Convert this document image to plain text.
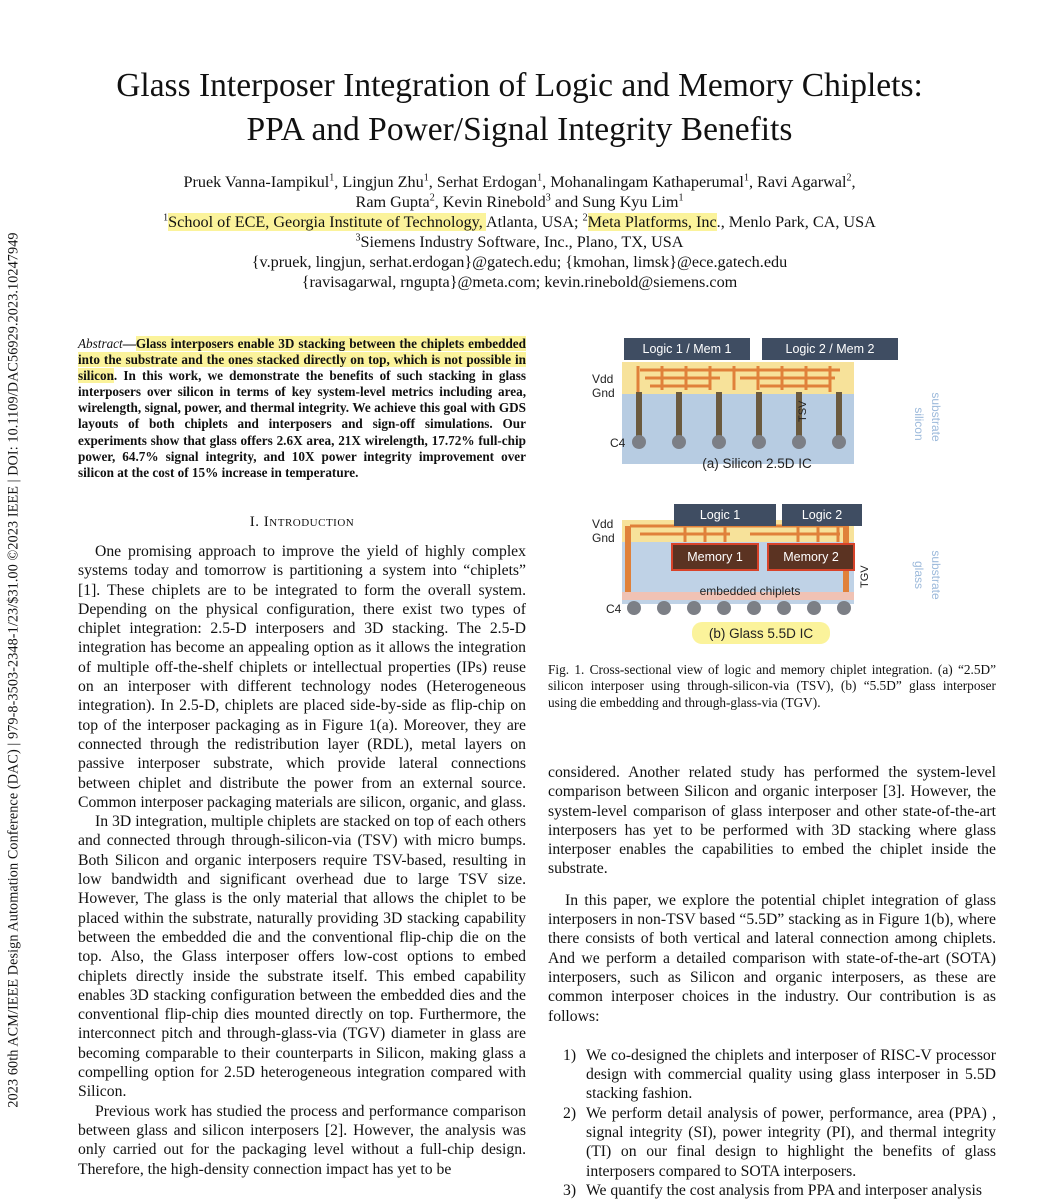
2023 60th ACM/IEEE Design Automation Conference (DAC) | 979-8-3503-2348-1/23/$31.00 ©2023 IEEE | DOI: 10.1109/DAC56929.2023.10247949
Glass Interposer Integration of Logic and Memory Chiplets:
PPA and Power/Signal Integrity Benefits
Pruek Vanna-Iampikul$^1$, Lingjun Zhu$^1$, Serhat Erdogan$^1$, Mohanalingam Kathaperumal$^1$, Ravi Agarwal$^2$,
Ram Gupta$^2$, Kevin Rinebold$^3$ and Sung Kyu Lim$^1$
$^1$School of ECE, Georgia Institute of Technology, Atlanta, USA; $^2$Meta Platforms, Inc., Menlo Park, CA, USA
$^3$Siemens Industry Software, Inc., Plano, TX, USA
{v.pruek, lingjun, serhat.erdogan}@gatech.edu; {kmohan, limsk}@ece.gatech.edu
{ravisagarwal, rngupta}@meta.com; kevin.rinebold@siemens.com
Abstract—Glass interposers enable 3D stacking between the chiplets embedded into the substrate and the ones stacked directly on top, which is not possible in silicon. In this work, we demonstrate the benefits of such stacking in glass interposers over silicon in terms of key system-level metrics including area, wirelength, signal, power, and thermal integrity. We achieve this goal with GDS layouts of both chiplets and interposers and sign-off simulations. Our experiments show that glass offers 2.6X area, 21X wirelength, 17.72% full-chip power, 64.7% signal integrity, and 10X power integrity improvement over silicon at the cost of 15% increase in temperature.
I. Introduction

One promising approach to improve the yield of highly complex systems today and tomorrow is partitioning a system into “chiplets” [1]. These chiplets are to be integrated to form the overall system. Depending on the physical configuration, there exist two types of chiplet integration: 2.5-D interposers and 3D stacking. The 2.5-D integration has become an appealing option as it allows the integration of multiple off-the-shelf chiplets or intellectual properties (IPs) reuse on an interposer with different technology nodes (Heterogeneous integration). In 2.5-D, chiplets are placed side-by-side as flip-chip on top of the interposer packaging as in Figure 1(a). Moreover, they are connected through the redistribution layer (RDL), metal layers on passive interposer substrate, which provide lateral connections between chiplet and distribute the power from an external source. Common interposer packaging materials are silicon, organic, and glass.

In 3D integration, multiple chiplets are stacked on top of each others and connected through through-silicon-via (TSV) with micro bumps. Both Silicon and organic interposers require TSV-based, resulting in low bandwidth and significant overhead due to large TSV size. However, The glass is the only material that allows the chiplet to be placed within the substrate, naturally providing 3D stacking capability between the embedded die and the conventional flip-chip die on the top. Also, the Glass interposer offers low-cost options to embed chiplets directly inside the substrate itself. This embed capability enables 3D stacking configuration between the embedded dies and the conventional flip-chip dies mounted directly on top. Furthermore, the interconnect pitch and through-glass-via (TGV) diameter in glass are becoming comparable to their counterparts in Silicon, making glass a compelling option for 2.5D heterogeneous integration compared with Silicon.

Previous work has studied the process and performance comparison between glass and silicon interposers [2]. However, the analysis was only carried out for the packaging level without a full-chip design. Therefore, the high-density connection impact has yet to be

Logic 1 / Mem 1	Logic 2 / Mem 2
Vdd
Gnd
C4
TSV
(a) Silicon 2.5D IC
silicon substrate
Logic 1	Logic 2
Memory 1	Memory 2
Vdd
Gnd
C4
TGV
embedded chiplets
(b) Glass 5.5D IC
glass substrate
Fig. 1. Cross-sectional view of logic and memory chiplet integration. (a) “2.5D” silicon interposer using through-silicon-via (TSV), (b) “5.5D” glass interposer using die embedding and through-glass-via (TGV).

considered. Another related study has performed the system-level comparison between Silicon and organic interposer [3]. However, the system-level comparison of glass interposer and other state-of-the-art interposers has yet to be performed with 3D stacking where glass interposer enables the capabilities to embed the chiplet inside the substrate.

In this paper, we explore the potential chiplet integration of glass interposers in non-TSV based “5.5D” stacking as in Figure 1(b), where there consists of both vertical and lateral connection among chiplets. And we perform a detailed comparison with state-of-the-art (SOTA) interposers, such as Silicon and organic interposers, as these are common interposer choices in the industry. Our contribution is as follows:

1) We co-designed the chiplets and interposer of RISC-V processor design with commercial quality using glass interposer in 5.5D stacking fashion.
2) We perform detail analysis of power, performance, area (PPA) , signal integrity (SI), power integrity (PI), and thermal integrity (TI) on our final design to highlight the benefits of glass interposers compared to SOTA interposers.
3) We quantify the cost analysis from PPA and interposer analysis
